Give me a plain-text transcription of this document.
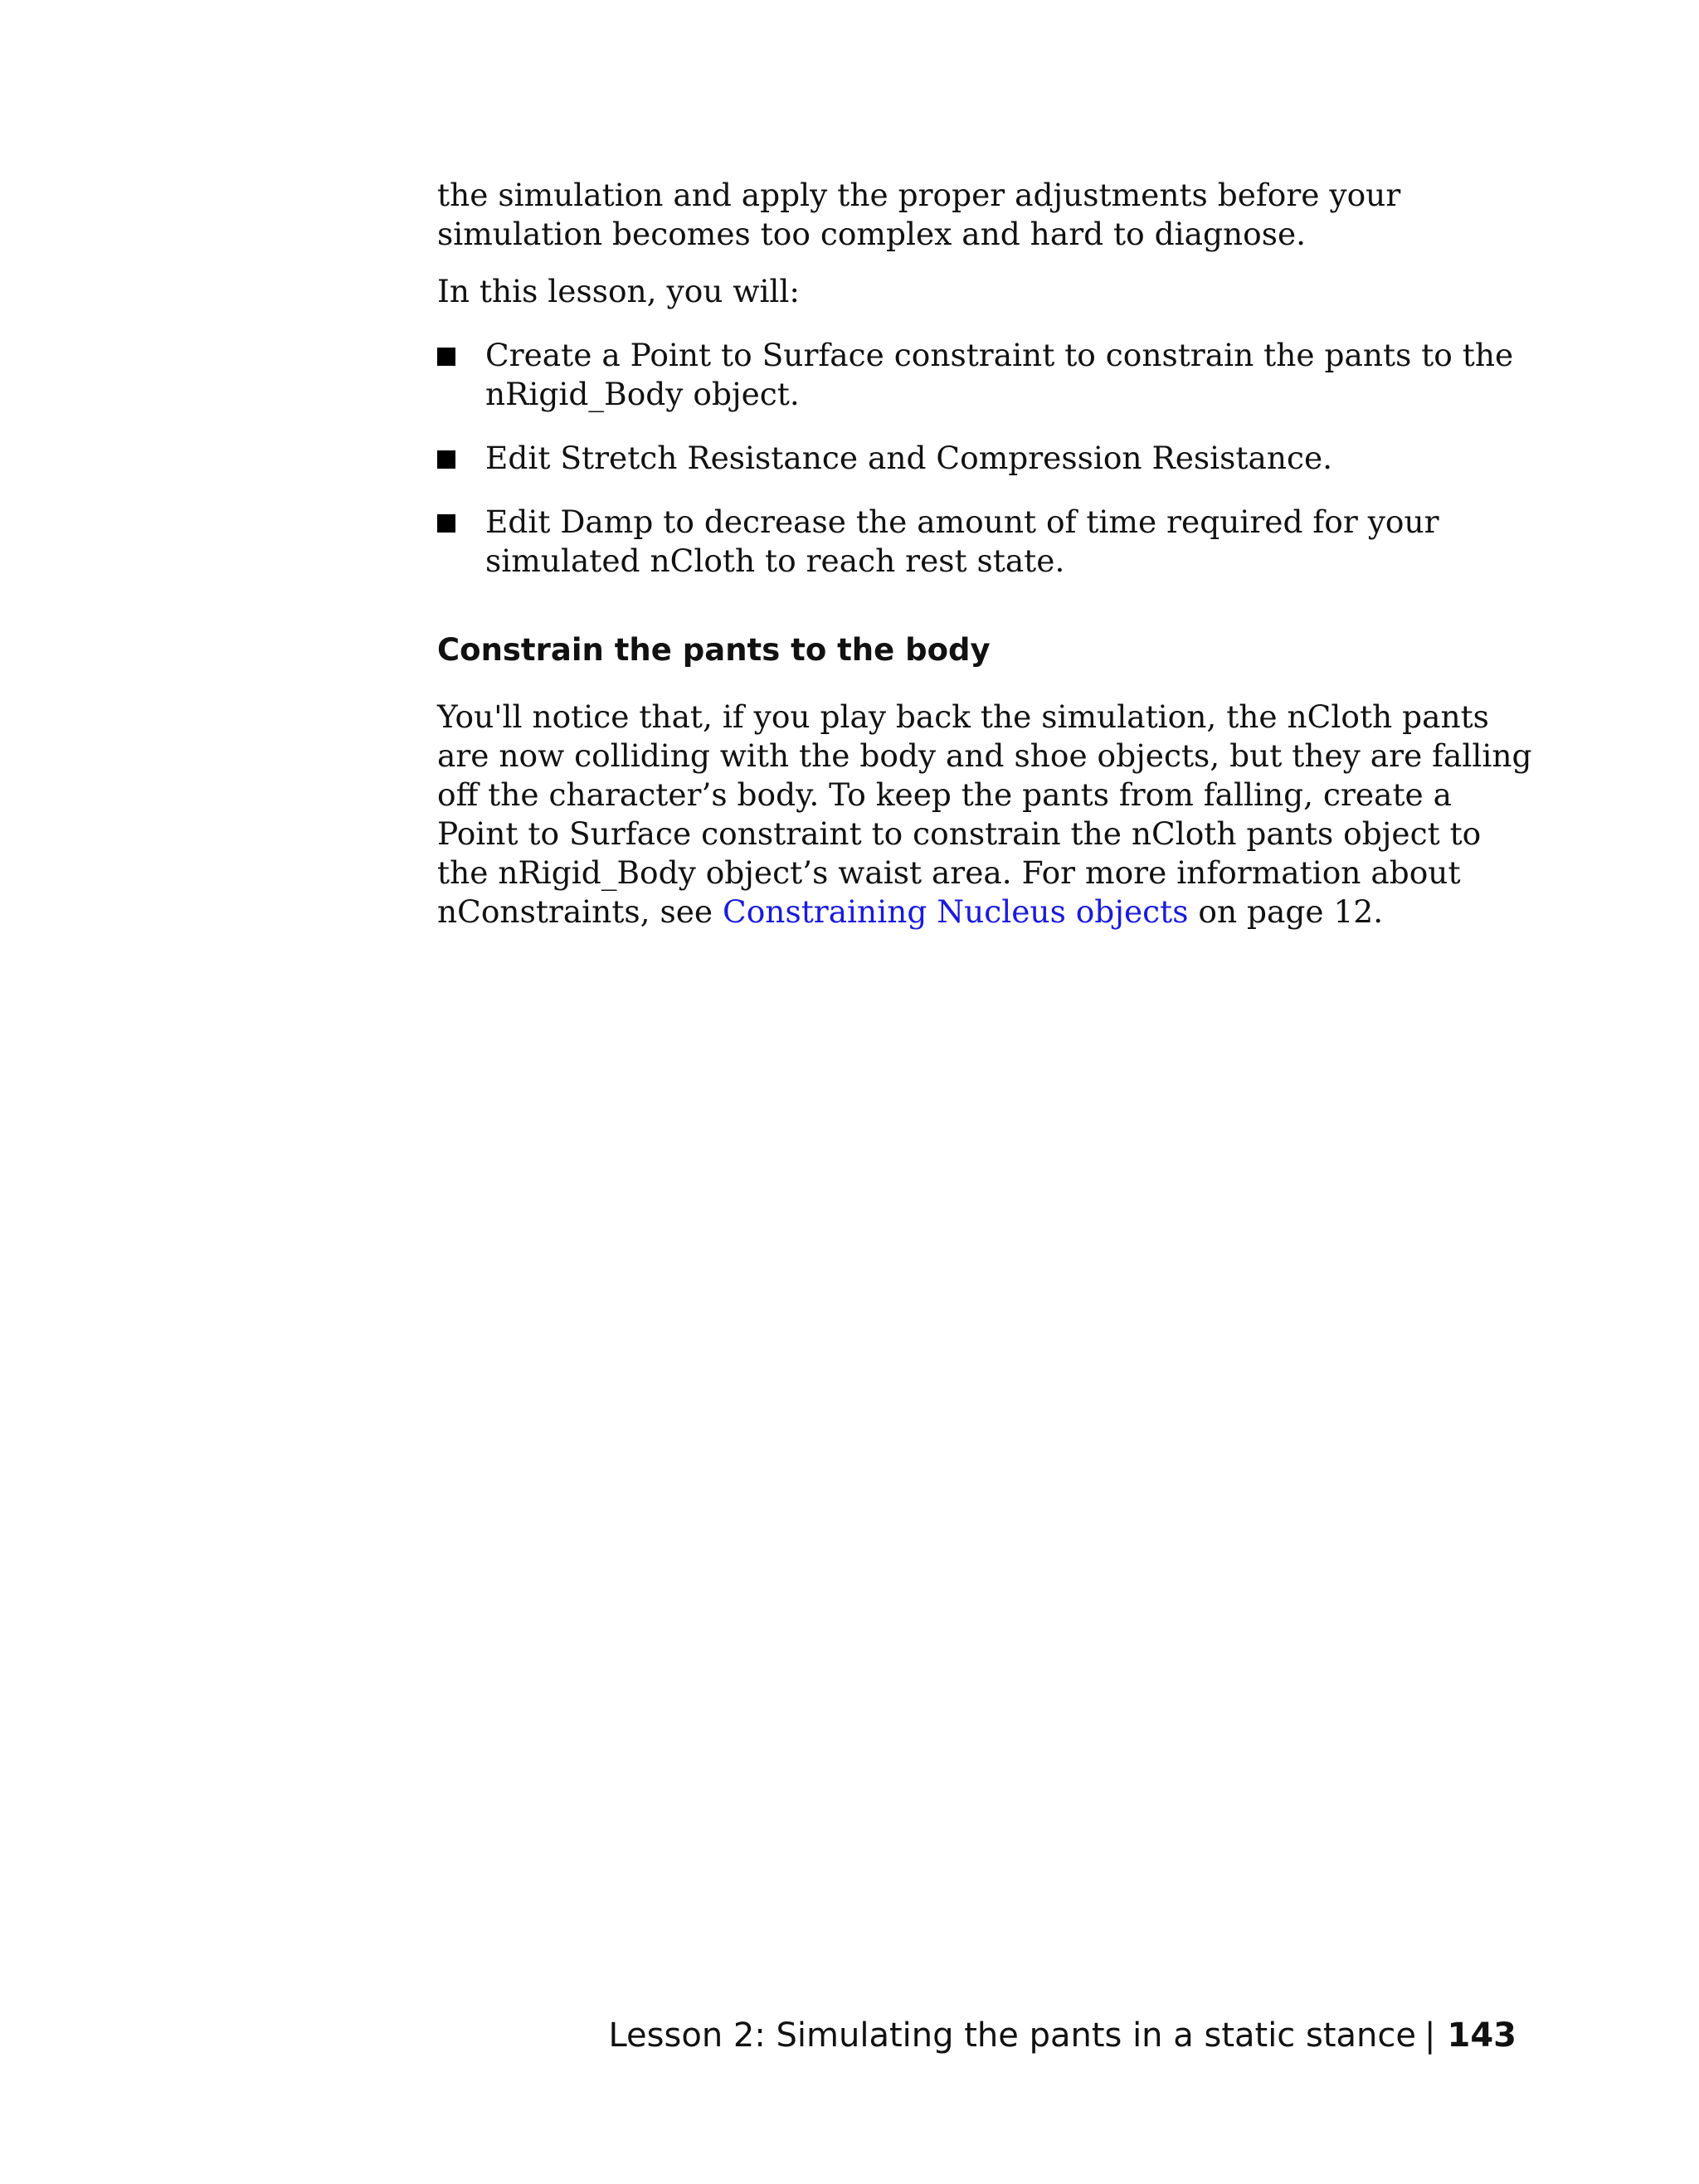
the simulation and apply the proper adjustments before your simulation becomes too complex and hard to diagnose.

In this lesson, you will:

Create a Point to Surface constraint to constrain the pants to the nRigid_Body object.
Edit Stretch Resistance and Compression Resistance.
Edit Damp to decrease the amount of time required for your simulated nCloth to reach rest state.
Constrain the pants to the body

You'll notice that, if you play back the simulation, the nCloth pants are now colliding with the body and shoe objects, but they are falling off the character’s body. To keep the pants from falling, create a Point to Surface constraint to constrain the nCloth pants object to the nRigid_Body object’s waist area. For more information about nConstraints, see Constraining Nucleus objects on page 12.

Lesson 2: Simulating the pants in a static stance | 143
